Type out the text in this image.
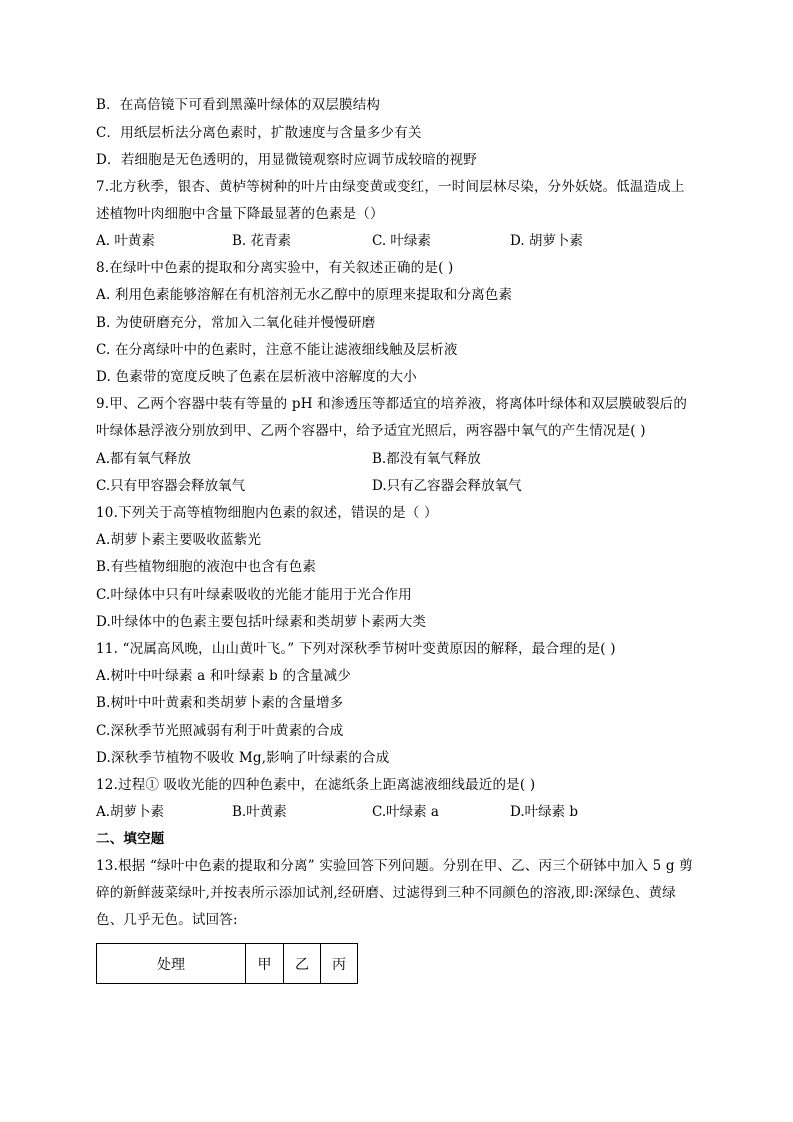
B．在高倍镜下可看到黑藻叶绿体的双层膜结构
C．用纸层析法分离色素时，扩散速度与含量多少有关
D．若细胞是无色透明的，用显微镜观察时应调节成较暗的视野
7.北方秋季，银杏、黄栌等树种的叶片由绿变黄或变红，一时间层林尽染，分外妖娆。低温造成上述植物叶肉细胞中含量下降最显著的色素是（）
A. 叶黄素	B. 花青素	C. 叶绿素	D. 胡萝卜素
8.在绿叶中色素的提取和分离实验中，有关叙述正确的是( )
A. 利用色素能够溶解在有机溶剂无水乙醇中的原理来提取和分离色素
B. 为使研磨充分，常加入二氧化硅并慢慢研磨
C. 在分离绿叶中的色素时，注意不能让滤液细线触及层析液
D. 色素带的宽度反映了色素在层析液中溶解度的大小
9.甲、乙两个容器中装有等量的 pH 和渗透压等都适宜的培养液，将离体叶绿体和双层膜破裂后的叶绿体悬浮液分别放到甲、乙两个容器中，给予适宜光照后，两容器中氧气的产生情况是( )
A.都有氧气释放	B.都没有氧气释放
C.只有甲容器会释放氧气	D.只有乙容器会释放氧气
10.下列关于高等植物细胞内色素的叙述，错误的是（ ）
A.胡萝卜素主要吸收蓝紫光
B.有些植物细胞的液泡中也含有色素
C.叶绿体中只有叶绿素吸收的光能才能用于光合作用
D.叶绿体中的色素主要包括叶绿素和类胡萝卜素两大类
11. “况属高风晚，山山黄叶飞。” 下列对深秋季节树叶变黄原因的解释，最合理的是( )
A.树叶中叶绿素 a 和叶绿素 b 的含量减少
B.树叶中叶黄素和类胡萝卜素的含量增多
C.深秋季节光照减弱有利于叶黄素的合成
D.深秋季节植物不吸收 Mg,影响了叶绿素的合成
12.过程① 吸收光能的四种色素中，在滤纸条上距离滤液细线最近的是( )
A.胡萝卜素	B.叶黄素	C.叶绿素 a	D.叶绿素 b
二、填空题
13.根据 “绿叶中色素的提取和分离” 实验回答下列问题。分别在甲、乙、丙三个研钵中加入 5 g 剪碎的新鲜菠菜绿叶,并按表所示添加试剂,经研磨、过滤得到三种不同颜色的溶液,即:深绿色、黄绿色、几乎无色。试回答:
处理	甲	乙	丙
